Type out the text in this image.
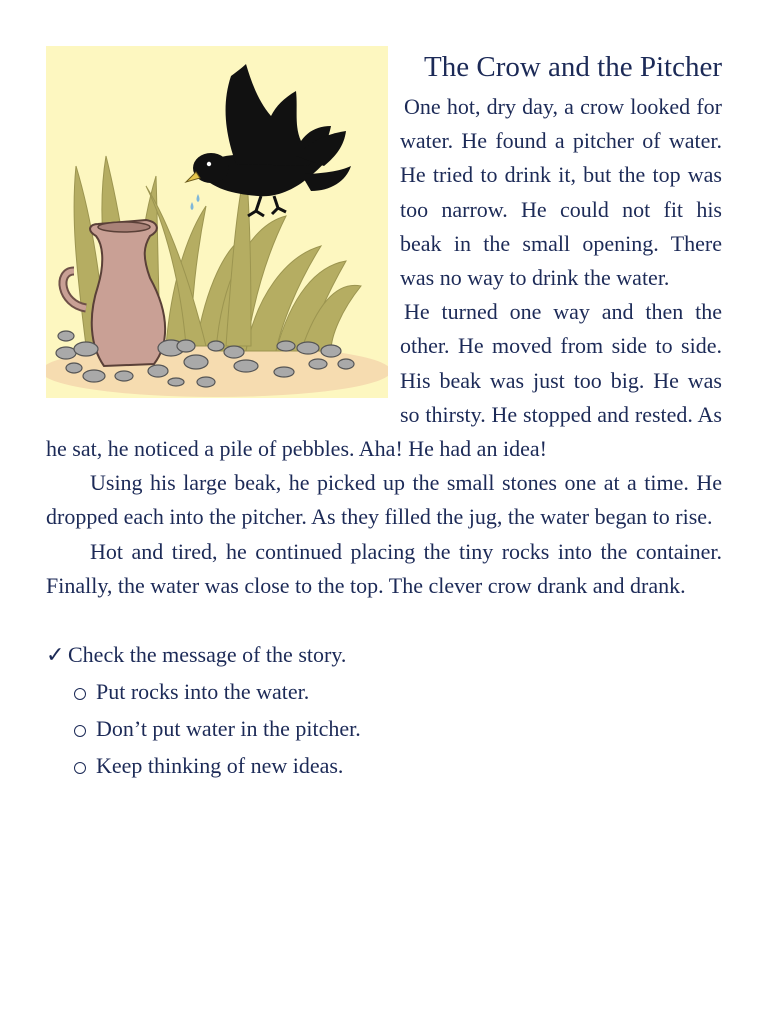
The Crow and the Pitcher

One hot, dry day, a crow looked for water. He found a pitcher of water. He tried to drink it, but the top was too narrow. He could not fit his beak in the small opening. There was no way to drink the water.

He turned one way and then the other. He moved from side to side. His beak was just too big. He was so thirsty. He stopped and rested. As he sat, he noticed a pile of pebbles. Aha! He had an idea!

Using his large beak, he picked up the small stones one at a time. He dropped each into the pitcher. As they filled the jug, the water began to rise.

Hot and tired, he continued placing the tiny rocks into the container. Finally, the water was close to the top. The clever crow drank and drank.

✓ Check the message of the story.
Put rocks into the water.
Don’t put water in the pitcher.
Keep thinking of new ideas.
